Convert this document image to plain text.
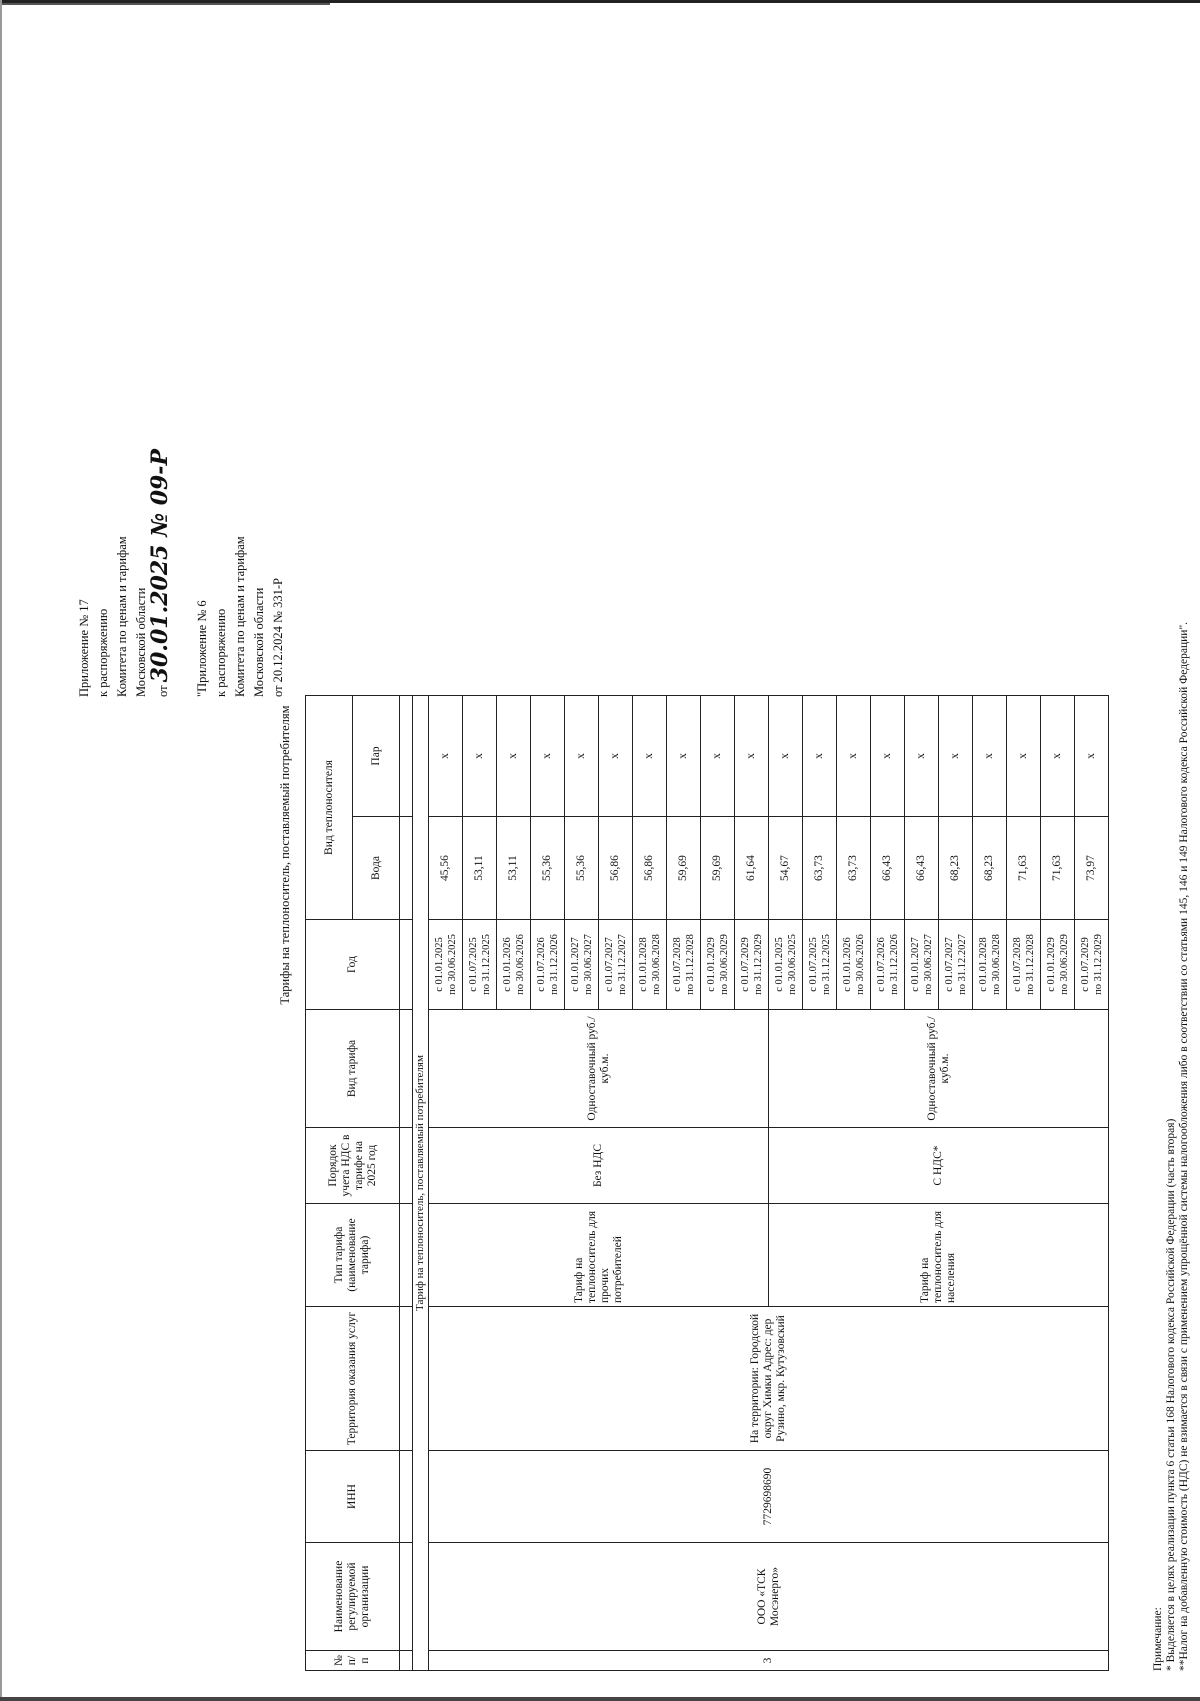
Приложение № 17 к распоряжению Комитета по ценам и тарифам Московской области от 30.01.2025 № 09-Р "Приложение № 6 к распоряжению Комитета по ценам и тарифам Московской области от 20.12.2024 № 331-Р
Тарифы на теплоноситель, поставляемый потребителям
№ п/ п	Наименование регулируемой организации	ИНН	Территория оказания услуг	Тип тарифа (наименование тарифа)	Порядок учета НДС в тарифе на 2025 год	Вид тарифа	Год	Вид теплоносителя	
								Вода	Пар

Тариф на теплоноситель, поставляемый потребителям									
3	ООО «ТСК Мосэнерго»	7729698690	На территории: Городской округ Химки Адрес: дер Рузино, мкр. Кутузовский	Тариф на теплоноситель для прочих потребителей	Без НДС	Одноставочный руб./куб.м.	с 01.01.2025 по 30.06.2025	45,56	x

							с 01.07.2025 по 31.12.2025	53,11	x

							с 01.01.2026 по 30.06.2026	53,11	x

							с 01.07.2026 по 31.12.2026	55,36	x

							с 01.01.2027 по 30.06.2027	55,36	x

							с 01.07.2027 по 31.12.2027	56,86	x

							с 01.01.2028 по 30.06.2028	56,86	x

							с 01.07.2028 по 31.12.2028	59,69	x

							с 01.01.2029 по 30.06.2029	59,69	x

							с 01.07.2029 по 31.12.2029	61,64	x
				Тариф на теплоноситель для населения	С НДС*	Одноставочный руб./куб.м.	с 01.01.2025 по 30.06.2025	54,67	x

							с 01.07.2025 по 31.12.2025	63,73	x

							с 01.01.2026 по 30.06.2026	63,73	x

							с 01.07.2026 по 31.12.2026	66,43	x

							с 01.01.2027 по 30.06.2027	66,43	x

							с 01.07.2027 по 31.12.2027	68,23	x

							с 01.01.2028 по 30.06.2028	68,23	x

							с 01.07.2028 по 31.12.2028	71,63	x

							с 01.01.2029 по 30.06.2029	71,63	x

							с 01.07.2029 по 31.12.2029	73,97	x
Примечание: * Выделяется в целях реализации пункта 6 статьи 168 Налогового кодекса Российской Федерации (часть вторая) **Налог на добавленную стоимость (НДС) не взимается в связи с применением упрощённой системы налогообложения либо в соответствии со статьями 145, 146 и 149 Налогового кодекса Российской Федерации".
